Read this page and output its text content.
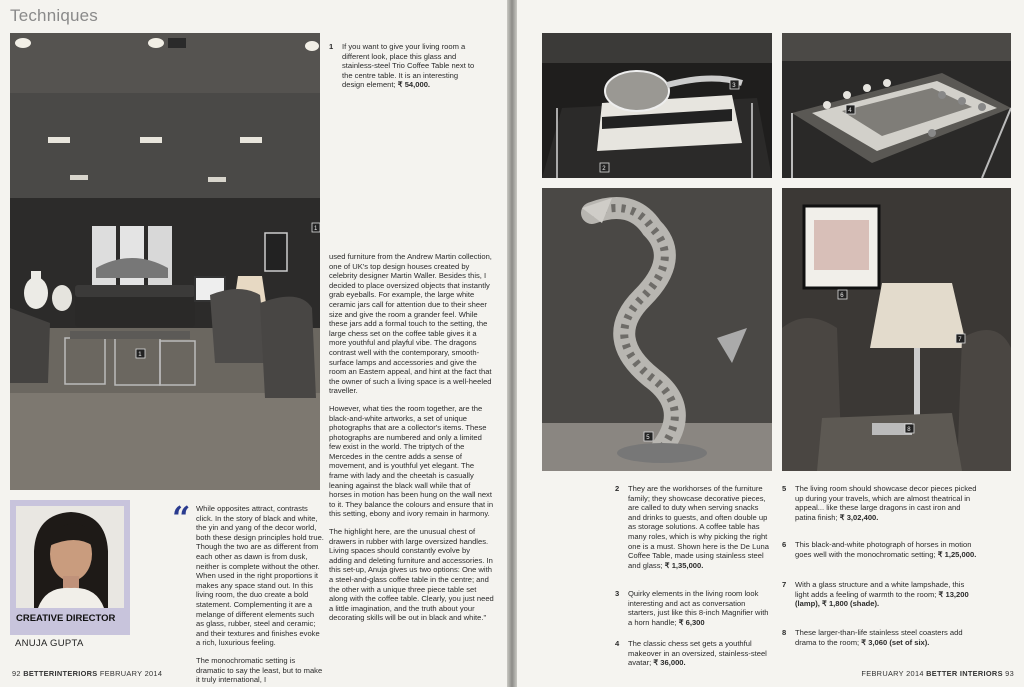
Techniques
1
1
1 If you want to give your living room a different look, place this glass and stainless-steel Trio Coffee Table next to the centre table. It is an interesting design element; ₹ 54,000.

used furniture from the Andrew Martin collection, one of UK's top design houses created by celebrity designer Martin Waller. Besides this, I decided to place oversized objects that instantly grab eyeballs. For example, the large white ceramic jars call for attention due to their sheer size and give the room a grander feel. While these jars add a formal touch to the setting, the large chess set on the coffee table gives it a more youthful and playful vibe. The dragons contrast well with the contemporary, smooth-surface lamps and accessories and give the room an Eastern appeal, and hint at the fact that the owner of such a living space is a well-heeled traveller.

However, what ties the room together, are the black-and-white artworks, a set of unique photographs that are a collector's items. These photographs are numbered and only a limited few exist in the world. The triptych of the Mercedes in the centre adds a sense of movement, and is youthful yet elegant. The frame with lady and the cheetah is casually leaning against the black wall while that of horses in motion has been hung on the wall next to it. They balance the colours and ensure that in this setting, ebony and ivory remain in harmony.

The highlight here, are the unusual chest of drawers in rubber with large oversized handles. Living spaces should constantly evolve by adding and deleting furniture and accessories. In this set-up, Anuja gives us two options: One with a steel-and-glass coffee table in the centre; and the other with a unique three piece table set along with the coffee table. Clearly, you just need a little imagination, and the truth about your decorating skills will be out in black and white."

CREATIVE DIRECTOR
ANUJA GUPTA
“ While opposites attract, contrasts click. In the story of black and white, the yin and yang of the decor world, both these design principles hold true. Though the two are as different from each other as dawn is from dusk, neither is complete without the other. When used in the right proportions it makes any space stand out. In this living room, the duo create a bold statement. Complementing it are a melange of different elements such as glass, rubber, steel and ceramic; and their textures and finishes evoke a rich, luxurious feeling.

The monochromatic setting is dramatic to say the least, but to make it truly international, I

92 BETTERINTERIORS FEBRUARY 2014
3
2
4
5
7
8
6
2 They are the workhorses of the furniture family; they showcase decorative pieces, are called to duty when serving snacks and drinks to guests, and often double up as storage solutions. A coffee table has many roles, which is why picking the right one is a must. Shown here is the De Luna Coffee Table, made using stainless steel and glass; ₹ 1,35,000.
3 Quirky elements in the living room look interesting and act as conversation starters, just like this 8-inch Magnifier with a horn handle; ₹ 6,300
4 The classic chess set gets a youthful makeover in an oversized, stainless-steel avatar; ₹ 36,000.
5 The living room should showcase decor pieces picked up during your travels, which are almost theatrical in appeal... like these large dragons in cast iron and patina finish; ₹ 3,02,400.
6 This black-and-white photograph of horses in motion goes well with the monochromatic setting; ₹ 1,25,000.
7 With a glass structure and a white lampshade, this light adds a feeling of warmth to the room; ₹ 13,200 (lamp), ₹ 1,800 (shade).
8 These larger-than-life stainless steel coasters add drama to the room; ₹ 3,060 (set of six).
FEBRUARY 2014 BETTER INTERIORS 93
